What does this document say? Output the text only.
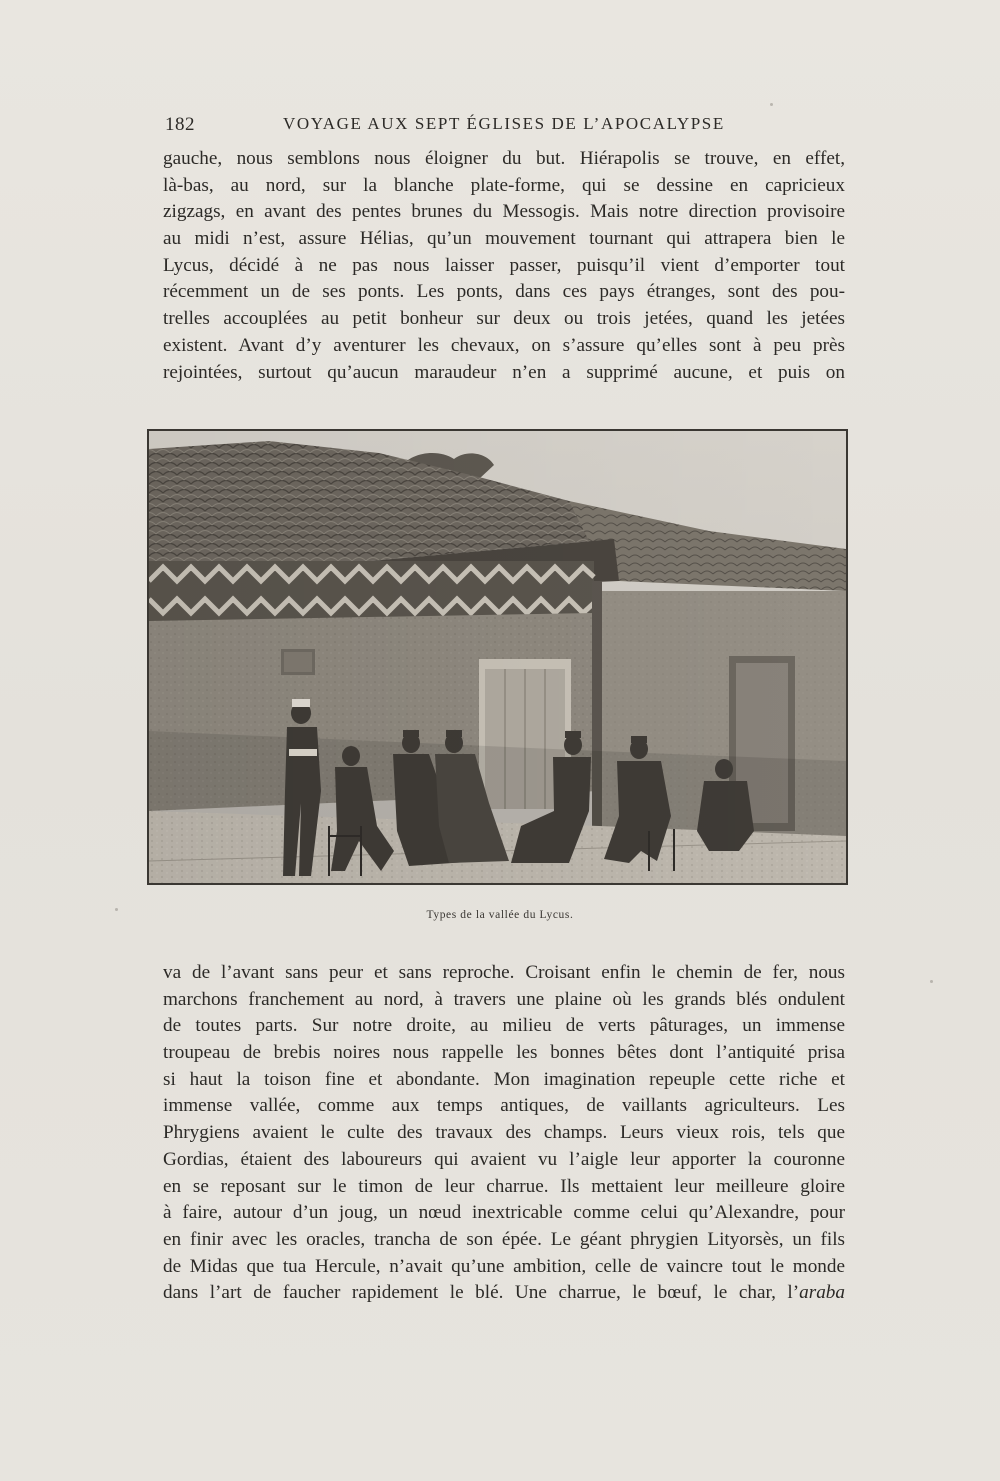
182	VOYAGE AUX SEPT ÉGLISES DE L’APOCALYPSE
gauche, nous semblons nous éloigner du but. Hiérapolis se trouve, en effet,
là-bas, au nord, sur la blanche plate-forme, qui se dessine en capricieux
zigzags, en avant des pentes brunes du Messogis. Mais notre direction provisoire
au midi n’est, assure Hélias, qu’un mouvement tournant qui attrapera bien le
Lycus, décidé à ne pas nous laisser passer, puisqu’il vient d’emporter tout
récemment un de ses ponts. Les ponts, dans ces pays étranges, sont des pou-
trelles accouplées au petit bonheur sur deux ou trois jetées, quand les jetées
existent. Avant d’y aventurer les chevaux, on s’assure qu’elles sont à peu près
rejointées, surtout qu’aucun maraudeur n’en a supprimé aucune, et puis on
Types de la vallée du Lycus.
va de l’avant sans peur et sans reproche. Croisant enfin le chemin de fer, nous
marchons franchement au nord, à travers une plaine où les grands blés ondulent
de toutes parts. Sur notre droite, au milieu de verts pâturages, un immense
troupeau de brebis noires nous rappelle les bonnes bêtes dont l’antiquité prisa
si haut la toison fine et abondante. Mon imagination repeuple cette riche et
immense vallée, comme aux temps antiques, de vaillants agriculteurs. Les
Phrygiens avaient le culte des travaux des champs. Leurs vieux rois, tels que
Gordias, étaient des laboureurs qui avaient vu l’aigle leur apporter la couronne
en se reposant sur le timon de leur charrue. Ils mettaient leur meilleure gloire
à faire, autour d’un joug, un nœud inextricable comme celui qu’Alexandre, pour
en finir avec les oracles, trancha de son épée. Le géant phrygien Lityorsès, un fils
de Midas que tua Hercule, n’avait qu’une ambition, celle de vaincre tout le monde
dans l’art de faucher rapidement le blé. Une charrue, le bœuf, le char, l’araba
